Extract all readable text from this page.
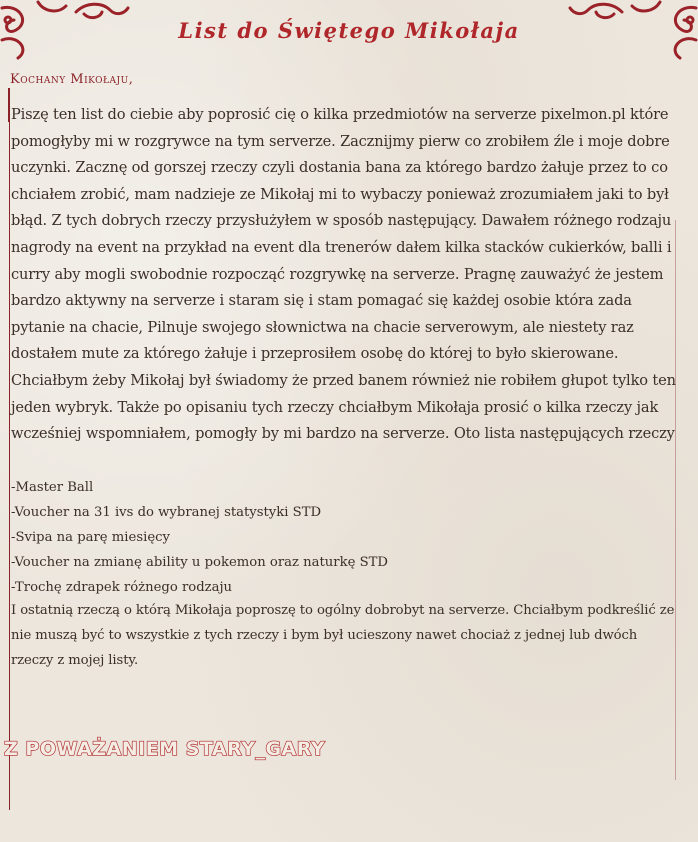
List do Świętego Mikołaja
Kochany Mikołaju,
Piszę ten list do ciebie aby poprosić cię o kilka przedmiotów na serverze pixelmon.pl które pomogłyby mi w rozgrywce na tym serverze. Zacznijmy pierw co zrobiłem źle i moje dobre uczynki. Zacznę od gorszej rzeczy czyli dostania bana za którego bardzo żałuje przez to co chciałem zrobić, mam nadzieje ze Mikołaj mi to wybaczy ponieważ zrozumiałem jaki to był błąd. Z tych dobrych rzeczy przysłużyłem w sposób następujący. Dawałem różnego rodzaju nagrody na event na przykład na event dla trenerów dałem kilka stacków cukierków, balli i curry aby mogli swobodnie rozpocząć rozgrywkę na serverze. Pragnę zauważyć że jestem bardzo aktywny na serverze i staram się i stam pomagać się każdej osobie która zada pytanie na chacie, Pilnuje swojego słownictwa na chacie serverowym, ale niestety raz dostałem mute za którego żałuje i przeprosiłem osobę do której to było skierowane. Chciałbym żeby Mikołaj był świadomy że przed banem również nie robiłem głupot tylko ten jeden wybryk. Także po opisaniu tych rzeczy chciałbym Mikołaja prosić o kilka rzeczy jak wcześniej wspomniałem, pomogły by mi bardzo na serverze. Oto lista następujących rzeczy
-Master Ball
-Voucher na 31 ivs do wybranej statystyki STD
-Svipa na parę miesięcy
-Voucher na zmianę ability u pokemon oraz naturkę STD
-Trochę zdrapek różnego rodzaju
I ostatnią rzeczą o którą Mikołaja poproszę to ogólny dobrobyt na serverze. Chciałbym podkreślić ze nie muszą być to wszystkie z tych rzeczy i bym był ucieszony nawet chociaż z jednej lub dwóch rzeczy z mojej listy.
Z POWAŻANIEM STARY_GARY
